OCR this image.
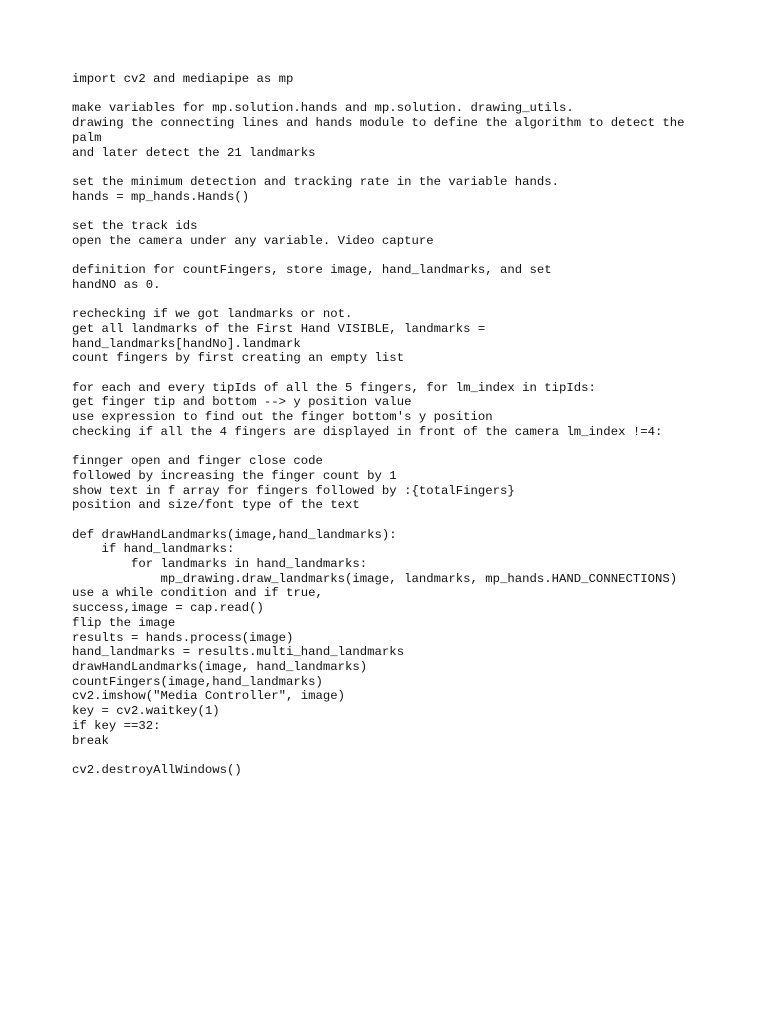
import cv2 and mediapipe as mp
make variables for mp.solution.hands and mp.solution. drawing_utils.
drawing the connecting lines and hands module to define the algorithm to detect the
palm
and later detect the 21 landmarks
set the minimum detection and tracking rate in the variable hands.
hands = mp_hands.Hands()
set the track ids
open the camera under any variable. Video capture
definition for countFingers, store image, hand_landmarks, and set
handNO as 0.
rechecking if we got landmarks or not.
get all landmarks of the First Hand VISIBLE, landmarks =
hand_landmarks[handNo].landmark
count fingers by first creating an empty list
for each and every tipIds of all the 5 fingers, for lm_index in tipIds:
get finger tip and bottom --> y position value
use expression to find out the finger bottom's y position
checking if all the 4 fingers are displayed in front of the camera lm_index !=4:
finnger open and finger close code
followed by increasing the finger count by 1
show text in f array for fingers followed by :{totalFingers}
position and size/font type of the text
def drawHandLandmarks(image,hand_landmarks):
if hand_landmarks:
for landmarks in hand_landmarks:
mp_drawing.draw_landmarks(image, landmarks, mp_hands.HAND_CONNECTIONS)
use a while condition and if true,
success,image = cap.read()
flip the image
results = hands.process(image)
hand_landmarks = results.multi_hand_landmarks
drawHandLandmarks(image, hand_landmarks)
countFingers(image,hand_landmarks)
cv2.imshow("Media Controller", image)
key = cv2.waitkey(1)
if key ==32:
break
cv2.destroyAllWindows()
